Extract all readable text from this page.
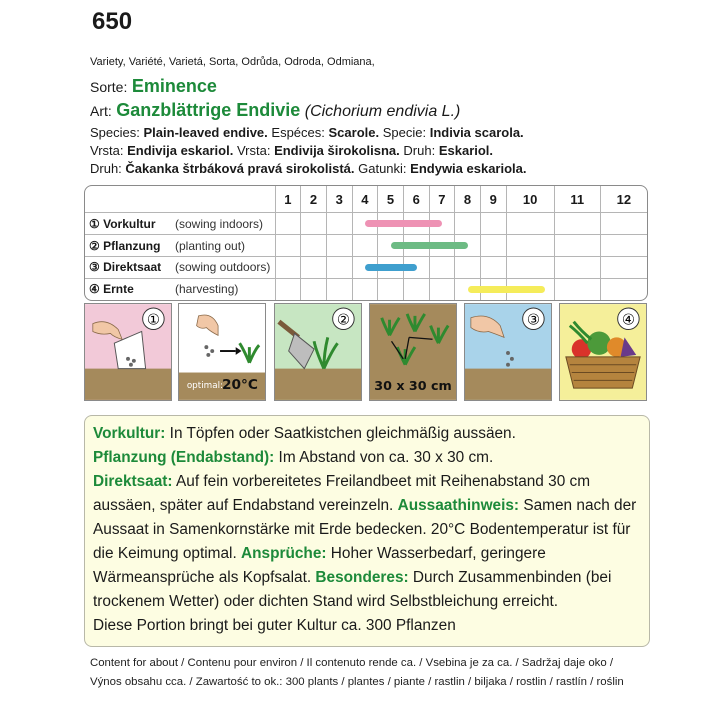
650
Variety, Variété, Varietá, Sorta, Odrůda, Odroda, Odmiana,
Sorte: Eminence
Art: Ganzblättrige Endivie (Cichorium endivia L.)
Species: Plain-leaved endive. Espéces: Scarole. Specie: Indivia scarola.
Vrsta: Endivija eskariol. Vrsta: Endivija širokolisna. Druh: Eskariol.
Druh: Čakanka štrbáková pravá sirokolistá. Gatunki: Endywia eskariola.
	1	2	3	4	5	6	7	8	9	10	11	12
① Vorkultur (sowing indoors)	

② Pflanzung (planting out)	

③ Direktsaat (sowing outdoors)	

④ Ernte (harvesting)	

①
optimal: 20°C
②
30 x 30 cm
③	④
Vorkultur: In Töpfen oder Saatkistchen gleichmäßig aussäen.
Pflanzung (Endabstand): Im Abstand von ca. 30 x 30 cm.
Direktsaat: Auf fein vorbereitetes Freilandbeet mit Reihenabstand 30 cm aussäen, später auf Endabstand vereinzeln. Aussaathinweis: Samen nach der Aussaat in Samenkornstärke mit Erde bedecken. 20°C Bodentemperatur ist für die Keimung optimal. Ansprüche: Hoher Wasserbedarf, geringere Wärmeansprüche als Kopfsalat. Besonderes: Durch Zusammenbinden (bei trockenem Wetter) oder dichten Stand wird Selbstbleichung erreicht.
Diese Portion bringt bei guter Kultur ca. 300 Pflanzen
Content for about / Contenu pour environ / Il contenuto rende ca. / Vsebina je za ca. / Sadržaj daje oko /
Výnos obsahu cca. / Zawartość to ok.: 300 plants / plantes / piante / rastlin / biljaka / rostlin / rastlín / roślin
